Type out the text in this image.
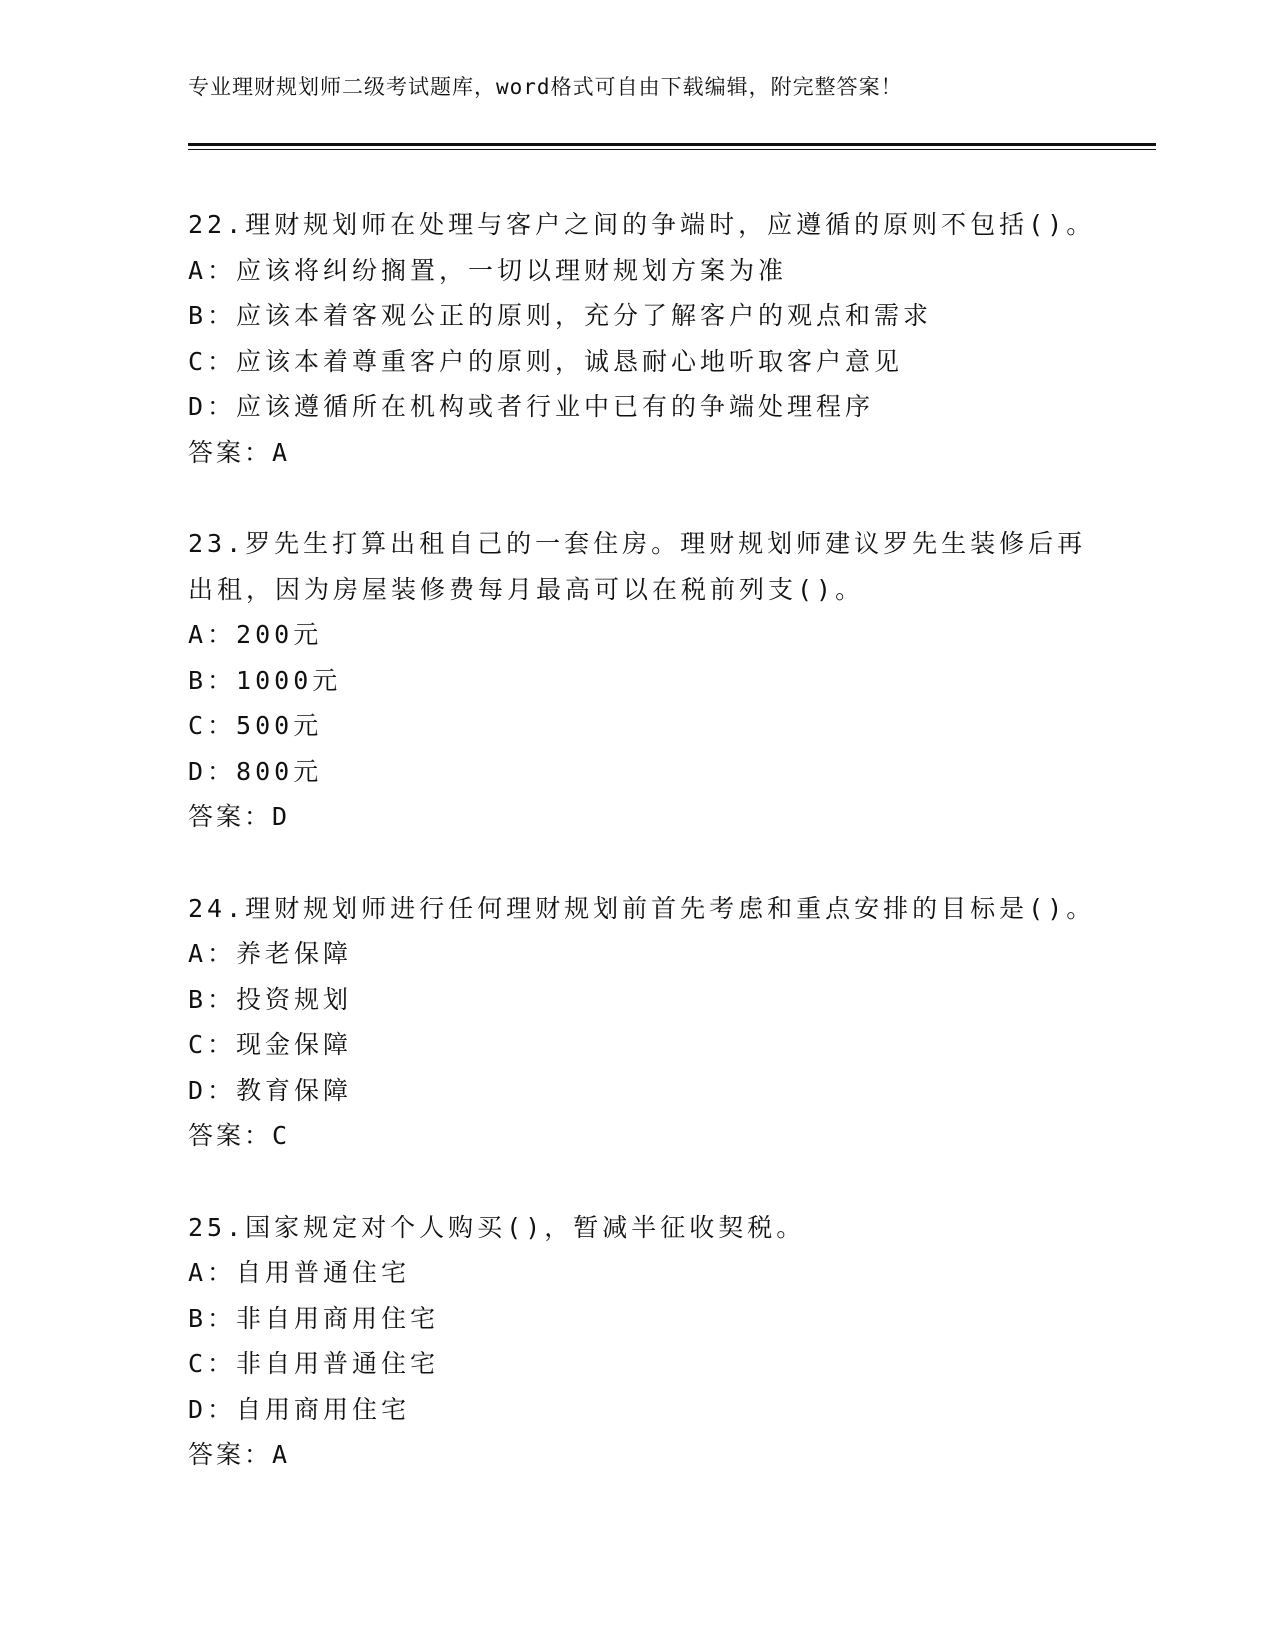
专业理财规划师二级考试题库，word格式可自由下载编辑，附完整答案！
22.理财规划师在处理与客户之间的争端时，应遵循的原则不包括()。
A：应该将纠纷搁置，一切以理财规划方案为准
B：应该本着客观公正的原则，充分了解客户的观点和需求
C：应该本着尊重客户的原则，诚恳耐心地听取客户意见
D：应该遵循所在机构或者行业中已有的争端处理程序
答案：A
23.罗先生打算出租自己的一套住房。理财规划师建议罗先生装修后再
出租，因为房屋装修费每月最高可以在税前列支()。
A：200元
B：1000元
C：500元
D：800元
答案：D
24.理财规划师进行任何理财规划前首先考虑和重点安排的目标是()。
A：养老保障
B：投资规划
C：现金保障
D：教育保障
答案：C
25.国家规定对个人购买()，暂减半征收契税。
A：自用普通住宅
B：非自用商用住宅
C：非自用普通住宅
D：自用商用住宅
答案：A
